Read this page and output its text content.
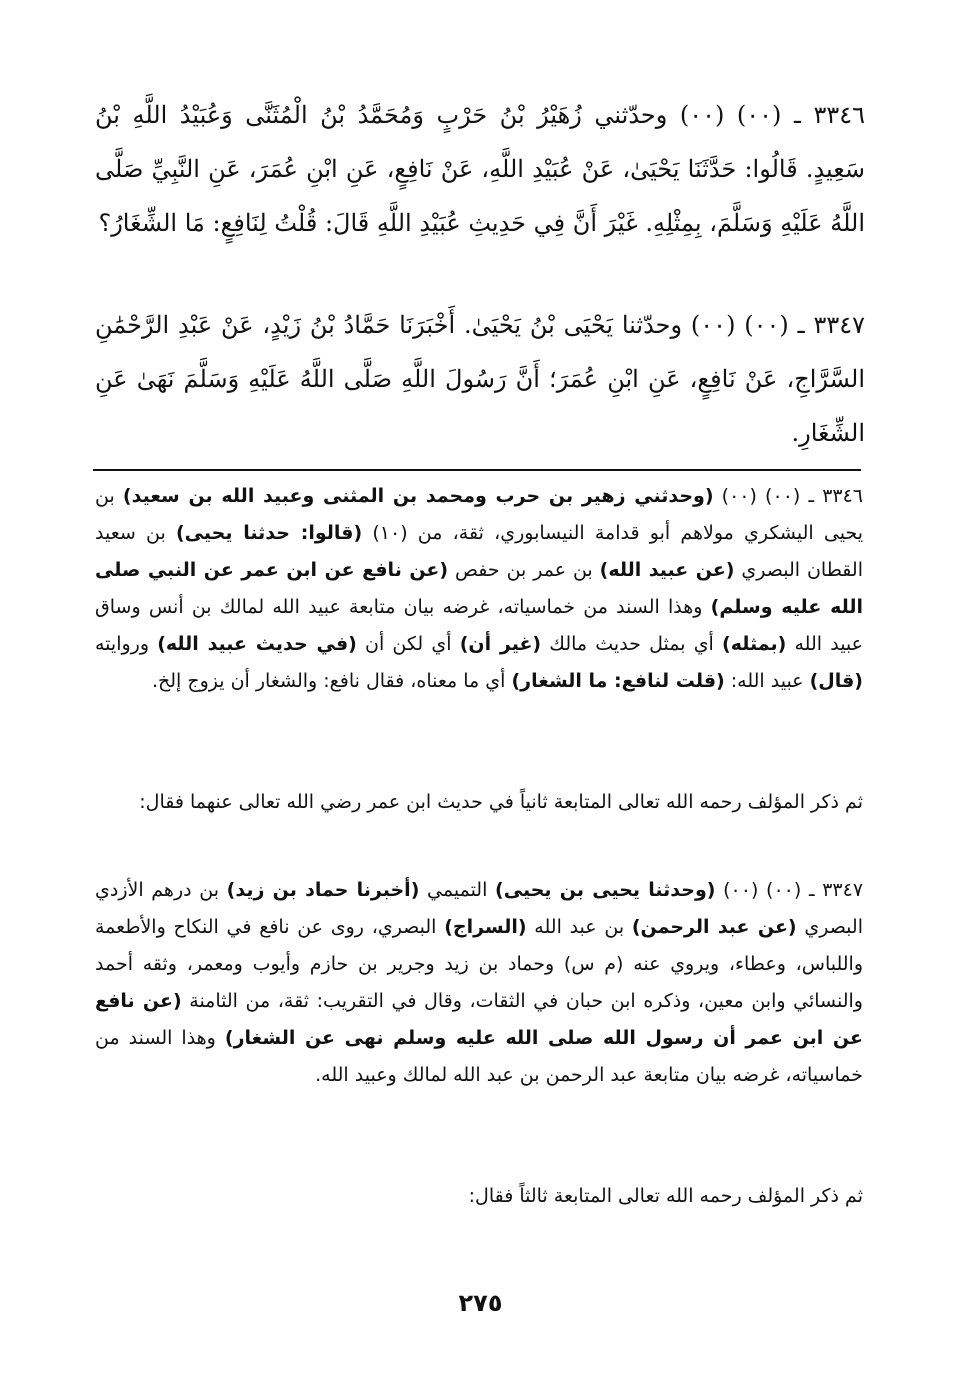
٣٣٤٦ ـ (٠٠) (٠٠) وحدّثني زُهَيْرُ بْنُ حَرْبٍ وَمُحَمَّدُ بْنُ الْمُثَنَّى وَعُبَيْدُ اللَّهِ بْنُ سَعِيدٍ. قَالُوا: حَدَّثَنَا يَحْيَىٰ، عَنْ عُبَيْدِ اللَّهِ، عَنْ نَافِعٍ، عَنِ ابْنِ عُمَرَ، عَنِ النَّبِيِّ صَلَّى اللَّهُ عَلَيْهِ وَسَلَّمَ، بِمِثْلِهِ. غَيْرَ أَنَّ فِي حَدِيثِ عُبَيْدِ اللَّهِ قَالَ: قُلْتُ لِنَافِعٍ: مَا الشِّغَارُ؟

٣٣٤٧ ـ (٠٠) (٠٠) وحدّثنا يَحْيَى بْنُ يَحْيَىٰ. أَخْبَرَنَا حَمَّادُ بْنُ زَيْدٍ، عَنْ عَبْدِ الرَّحْمَٰنِ السَّرَّاجِ، عَنْ نَافِعٍ، عَنِ ابْنِ عُمَرَ؛ أَنَّ رَسُولَ اللَّهِ صَلَّى اللَّهُ عَلَيْهِ وَسَلَّمَ نَهَىٰ عَنِ الشِّغَارِ.

٣٣٤٦ ـ (٠٠) (٠٠) (وحدثني زهير بن حرب ومحمد بن المثنى وعبيد الله بن سعيد) بن يحيى اليشكري مولاهم أبو قدامة النيسابوري، ثقة، من (١٠) (قالوا: حدثنا يحيى) بن سعيد القطان البصري (عن عبيد الله) بن عمر بن حفص (عن نافع عن ابن عمر عن النبي صلى الله عليه وسلم) وهذا السند من خماسياته، غرضه بيان متابعة عبيد الله لمالك بن أنس وساق عبيد الله (بمثله) أي بمثل حديث مالك (غير أن) أي لكن أن (في حديث عبيد الله) وروايته (قال) عبيد الله: (قلت لنافع: ما الشغار) أي ما معناه، فقال نافع: والشغار أن يزوج إلخ.

ثم ذكر المؤلف رحمه الله تعالى المتابعة ثانياً في حديث ابن عمر رضي الله تعالى عنهما فقال:

٣٣٤٧ ـ (٠٠) (٠٠) (وحدثنا يحيى بن يحيى) التميمي (أخبرنا حماد بن زيد) بن درهم الأزدي البصري (عن عبد الرحمن) بن عبد الله (السراج) البصري، روى عن نافع في النكاح والأطعمة واللباس، وعطاء، ويروي عنه (م س) وحماد بن زيد وجرير بن حازم وأيوب ومعمر، وثقه أحمد والنسائي وابن معين، وذكره ابن حبان في الثقات، وقال في التقريب: ثقة، من الثامنة (عن نافع عن ابن عمر أن رسول الله صلى الله عليه وسلم نهى عن الشغار) وهذا السند من خماسياته، غرضه بيان متابعة عبد الرحمن بن عبد الله لمالك وعبيد الله.

ثم ذكر المؤلف رحمه الله تعالى المتابعة ثالثاً فقال:

٢٧٥
